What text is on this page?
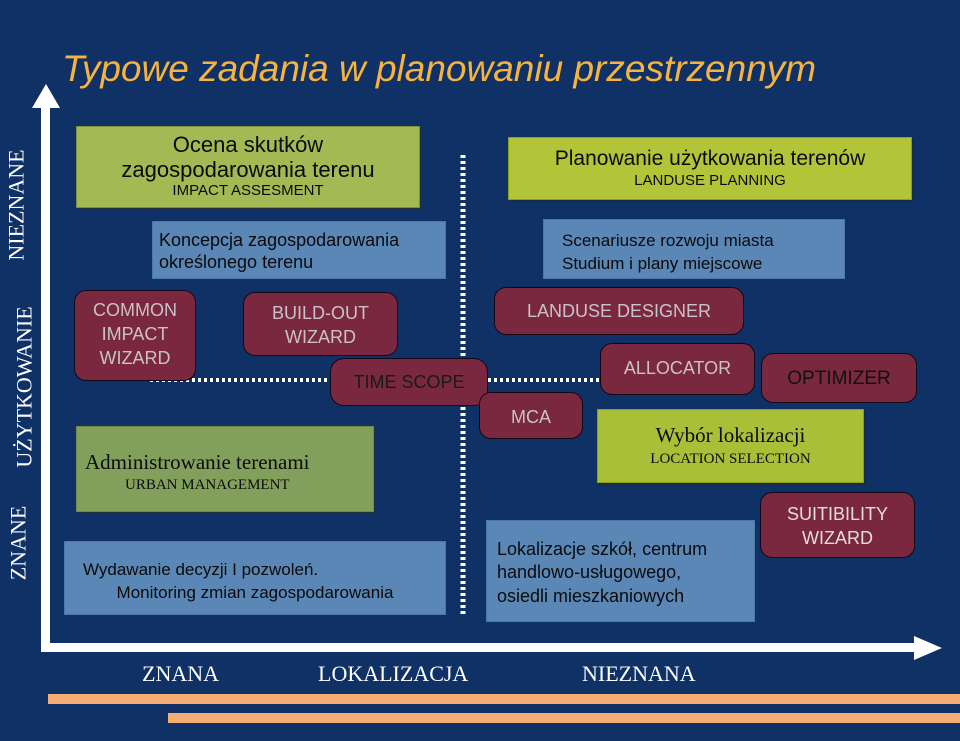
Typowe zadania w planowaniu przestrzennym
ZNANE
UŻYTKOWANIE
NIEZNANE
ZNANA	LOKALIZACJA	NIEZNANA
Ocena skutków
zagospodarowania terenu
IMPACT ASSESMENT
Koncepcja zagospodarowania
określonego terenu
COMMON
IMPACT
WIZARD
BUILD-OUT
WIZARD
TIME SCOPE
Administrowanie terenami
URBAN MANAGEMENT
Wydawanie decyzji I pozwoleń.
Monitoring zmian zagospodarowania
Planowanie użytkowania terenów
LANDUSE PLANNING
Scenariusze rozwoju miasta
Studium i plany miejscowe
LANDUSE DESIGNER
ALLOCATOR	OPTIMIZER
MCA
Wybór lokalizacji
LOCATION SELECTION
SUITIBILITY
WIZARD
Lokalizacje szkół, centrum
handlowo-usługowego,
osiedli mieszkaniowych
